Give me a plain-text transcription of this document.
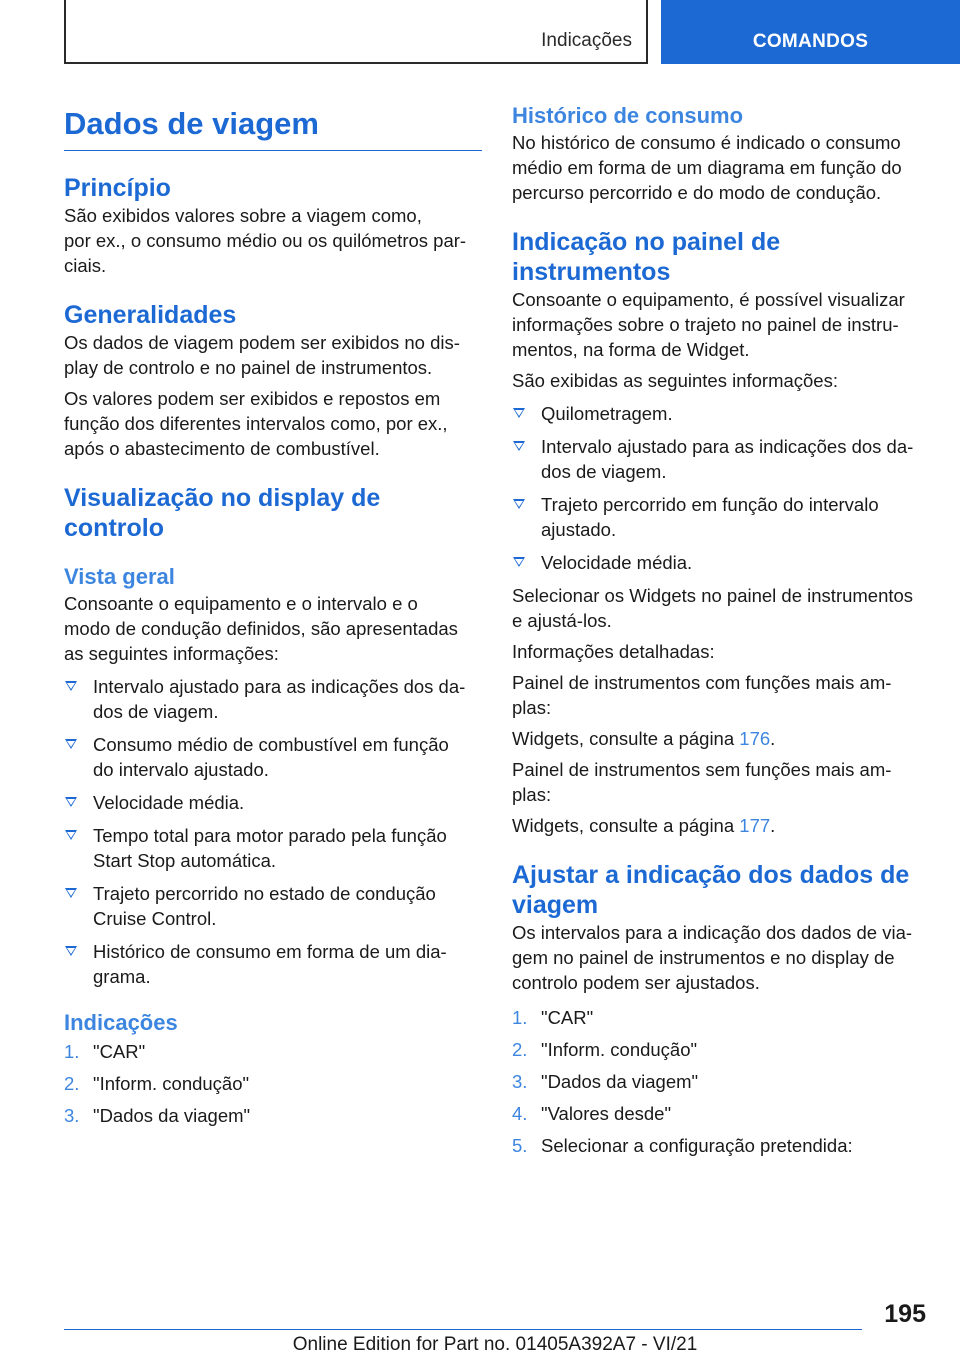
Indicações	COMANDOS
Dados de viagem
Princípio

São exibidos valores sobre a viagem como,
por ex., o consumo médio ou os quilómetros par-
ciais.

Generalidades

Os dados de viagem podem ser exibidos no dis-
play de controlo e no painel de instrumentos.

Os valores podem ser exibidos e repostos em
função dos diferentes intervalos como, por ex.,
após o abastecimento de combustível.

Visualização no display de
controlo
Vista geral

Consoante o equipamento e o intervalo e o
modo de condução definidos, são apresentadas
as seguintes informações:

Intervalo ajustado para as indicações dos da-
dos de viagem.
Consumo médio de combustível em função
do intervalo ajustado.
Velocidade média.
Tempo total para motor parado pela função
Start Stop automática.
Trajeto percorrido no estado de condução
Cruise Control.
Histórico de consumo em forma de um dia-
grama.
Indicações
1. "CAR"
2. "Inform. condução"
3. "Dados da viagem"
Histórico de consumo

No histórico de consumo é indicado o consumo
médio em forma de um diagrama em função do
percurso percorrido e do modo de condução.

Indicação no painel de
instrumentos

Consoante o equipamento, é possível visualizar
informações sobre o trajeto no painel de instru-
mentos, na forma de Widget.

São exibidas as seguintes informações:

Quilometragem.
Intervalo ajustado para as indicações dos da-
dos de viagem.
Trajeto percorrido em função do intervalo
ajustado.
Velocidade média.

Selecionar os Widgets no painel de instrumentos
e ajustá-los.

Informações detalhadas:

Painel de instrumentos com funções mais am-
plas:

Widgets, consulte a página 176.

Painel de instrumentos sem funções mais am-
plas:

Widgets, consulte a página 177.

Ajustar a indicação dos dados de
viagem

Os intervalos para a indicação dos dados de via-
gem no painel de instrumentos e no display de
controlo podem ser ajustados.

1. "CAR"
2. "Inform. condução"
3. "Dados da viagem"
4. "Valores desde"
5. Selecionar a configuração pretendida:
195
Online Edition for Part no. 01405A392A7 - VI/21
